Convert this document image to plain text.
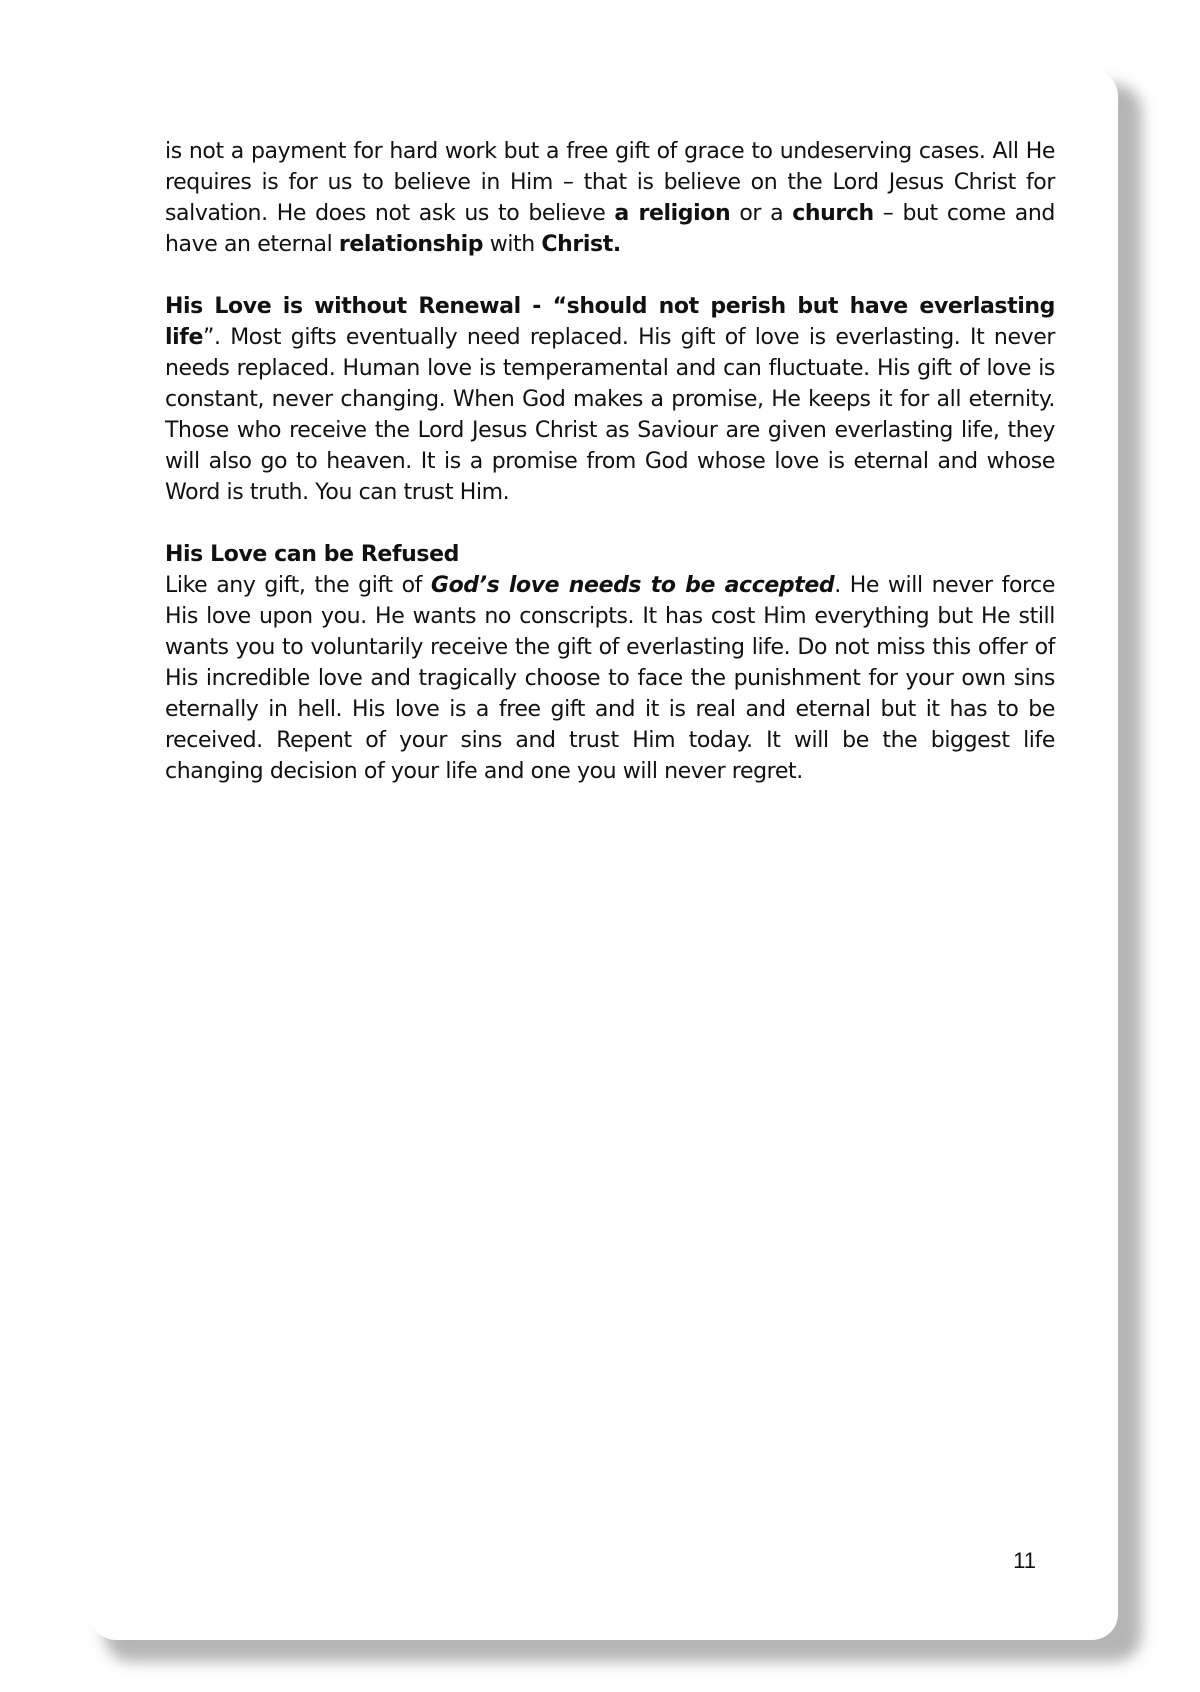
is not a payment for hard work but a free gift of grace to undeserving cases. All He requires is for us to believe in Him – that is believe on the Lord Jesus Christ for salvation. He does not ask us to believe a religion or a church – but come and have an eternal relationship with Christ.

His Love is without Renewal - “should not perish but have everlasting life”. Most gifts eventually need replaced. His gift of love is everlasting. It never needs replaced. Human love is temperamental and can fluctuate. His gift of love is constant, never changing. When God makes a promise, He keeps it for all eternity. Those who receive the Lord Jesus Christ as Saviour are given everlasting life, they will also go to heaven. It is a promise from God whose love is eternal and whose Word is truth. You can trust Him.

His Love can be Refused
Like any gift, the gift of God’s love needs to be accepted. He will never force His love upon you. He wants no conscripts. It has cost Him everything but He still wants you to voluntarily receive the gift of everlasting life. Do not miss this offer of His incredible love and tragically choose to face the punishment for your own sins eternally in hell. His love is a free gift and it is real and eternal but it has to be received. Repent of your sins and trust Him today. It will be the biggest life changing decision of your life and one you will never regret.

11
